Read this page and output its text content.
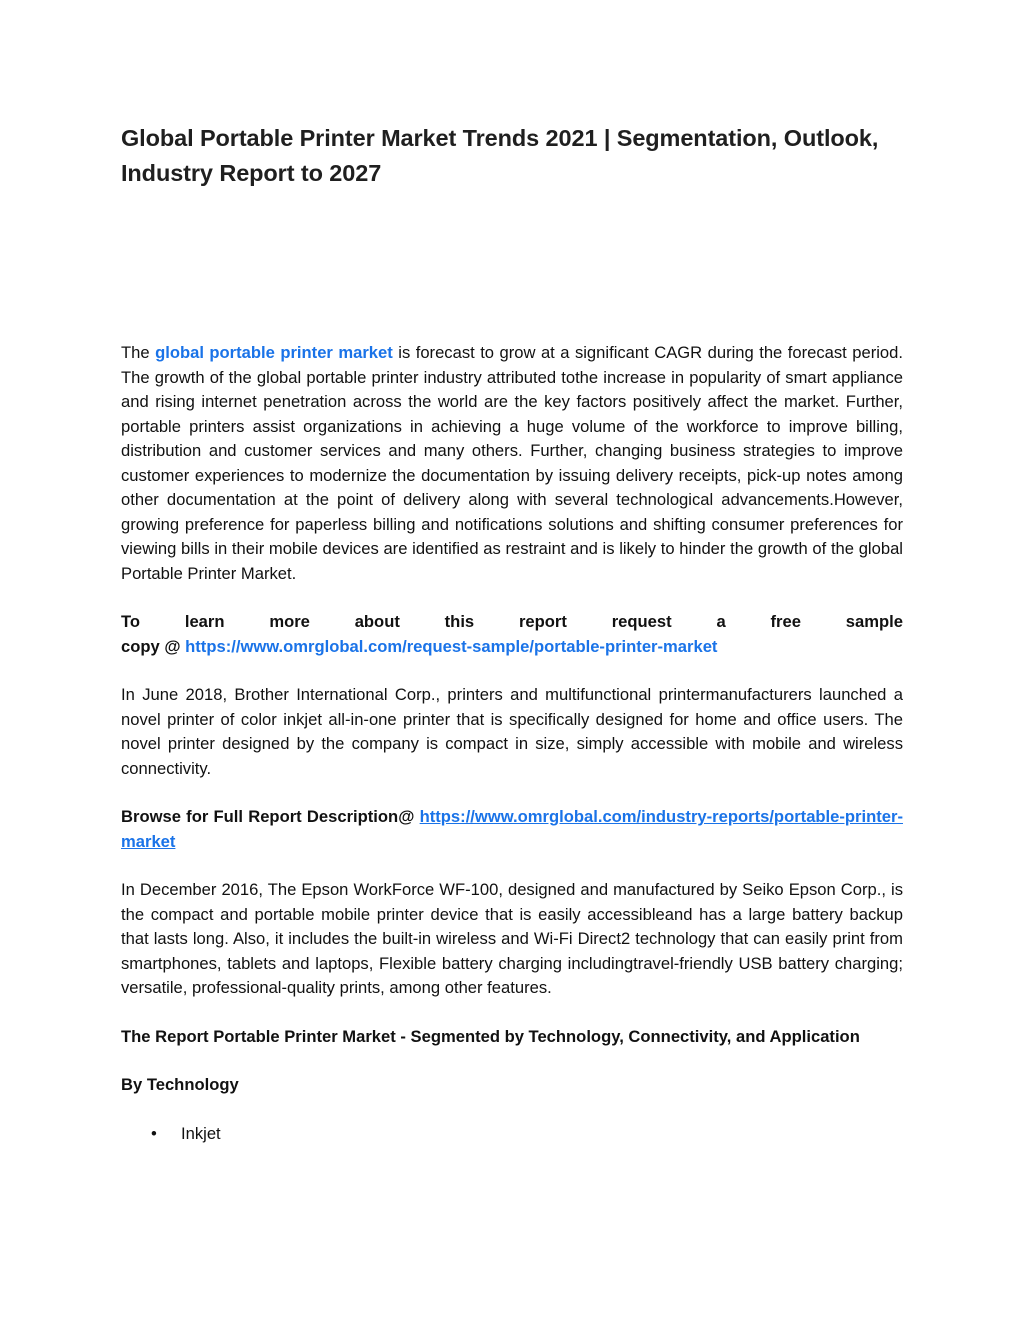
Global Portable Printer Market Trends 2021 | Segmentation, Outlook, Industry Report to 2027

The global portable printer market is forecast to grow at a significant CAGR during the forecast period. The growth of the global portable printer industry attributed tothe increase in popularity of smart appliance and rising internet penetration across the world are the key factors positively affect the market. Further, portable printers assist organizations in achieving a huge volume of the workforce to improve billing, distribution and customer services and many others. Further, changing business strategies to improve customer experiences to modernize the documentation by issuing delivery receipts, pick-up notes among other documentation at the point of delivery along with several technological advancements.However, growing preference for paperless billing and notifications solutions and shifting consumer preferences for viewing bills in their mobile devices are identified as restraint and is likely to hinder the growth of the global Portable Printer Market.

To	learn	more	about	this	report	request	a	free	sample
copy @ https://www.omrglobal.com/request-sample/portable-printer-market

In June 2018, Brother International Corp., printers and multifunctional printermanufacturers launched a novel printer of color inkjet all-in-one printer that is specifically designed for home and office users. The novel printer designed by the company is compact in size, simply accessible with mobile and wireless connectivity.

Browse for Full Report Description@ https://www.omrglobal.com/industry-reports/portable-printer-market

In December 2016, The Epson WorkForce WF-100, designed and manufactured by Seiko Epson Corp., is the compact and portable mobile printer device that is easily accessibleand has a large battery backup that lasts long. Also, it includes the built-in wireless and Wi-Fi Direct2 technology that can easily print from smartphones, tablets and laptops, Flexible battery charging includingtravel-friendly USB battery charging; versatile, professional-quality prints, among other features.

The Report Portable Printer Market - Segmented by Technology, Connectivity, and Application

By Technology

• Inkjet
